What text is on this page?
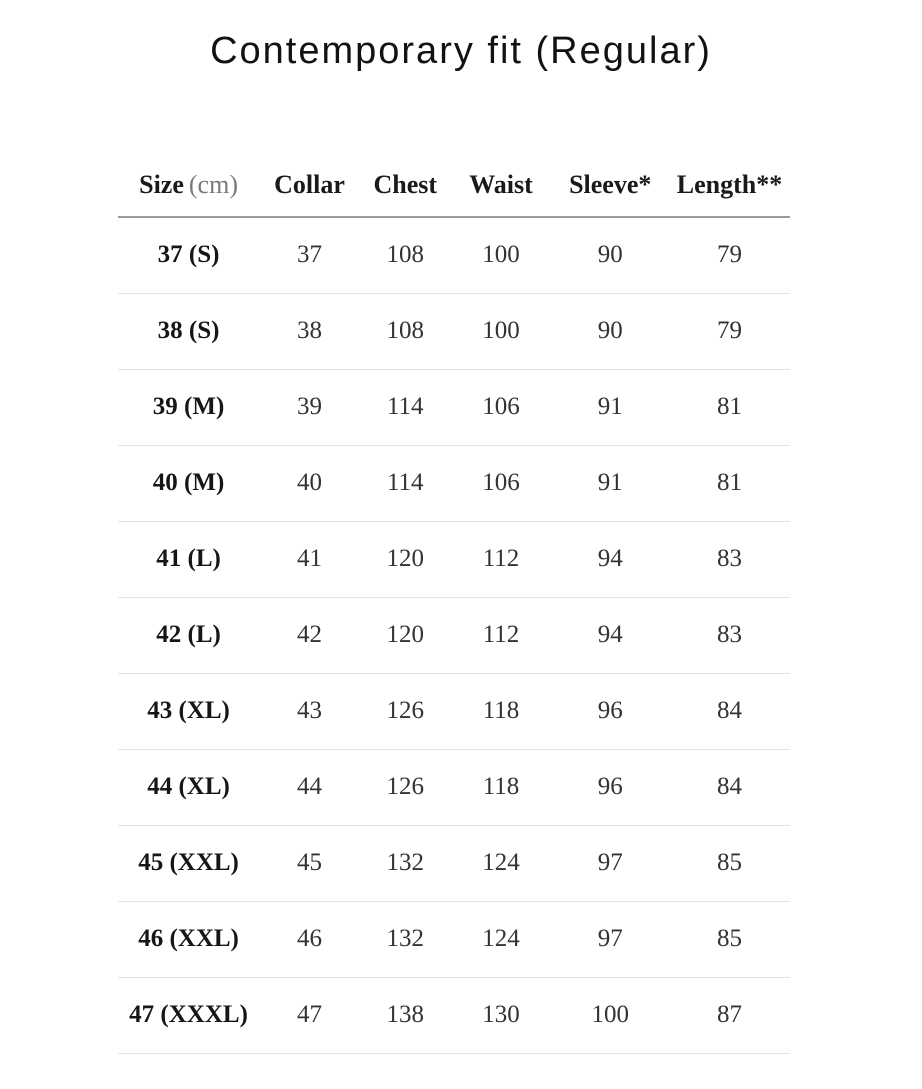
Contemporary fit (Regular)
Size (cm)	Collar	Chest	Waist	Sleeve*	Length**
37 (S)	37	108	100	90	79
38 (S)	38	108	100	90	79
39 (M)	39	114	106	91	81
40 (M)	40	114	106	91	81
41 (L)	41	120	112	94	83
42 (L)	42	120	112	94	83
43 (XL)	43	126	118	96	84
44 (XL)	44	126	118	96	84
45 (XXL)	45	132	124	97	85
46 (XXL)	46	132	124	97	85
47 (XXXL)	47	138	130	100	87
